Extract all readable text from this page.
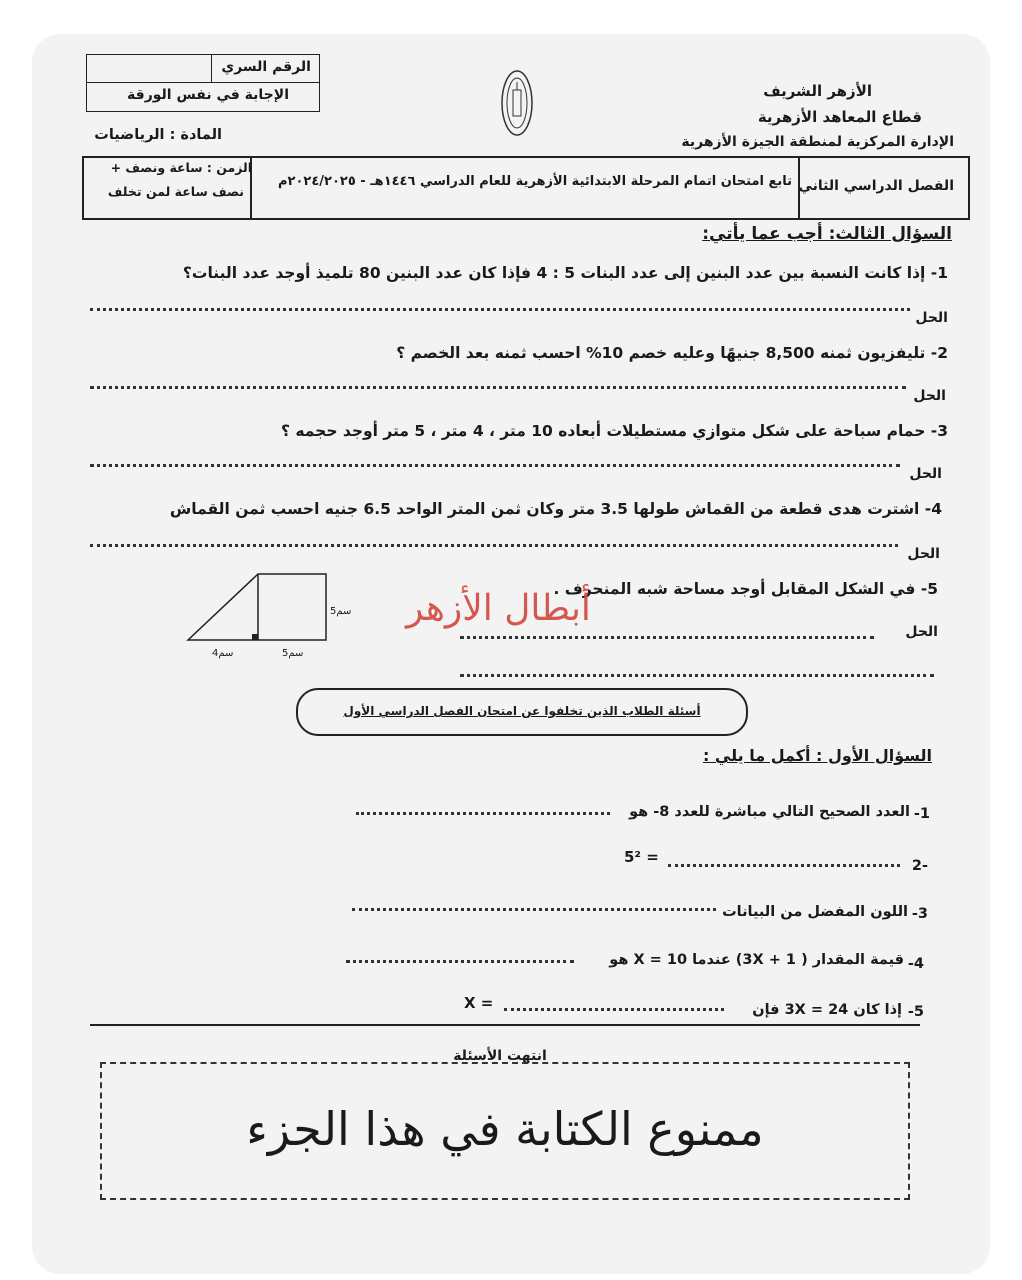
الرقم السري
الإجابة في نفس الورقة	الأزهر الشريف
قطاع المعاهد الأزهرية
الإدارة المركزية لمنطقة الجيزة الأزهرية
المادة : الرياضيات
الفصل الدراسي الثاني
تابع امتحان اتمام المرحلة الابتدائية الأزهرية للعام الدراسي ١٤٤٦هـ - ٢٠٢٤/٢٠٢٥م
الزمن : ساعة ونصف +
نصف ساعة لمن تخلف
السؤال الثالث: أجب عما يأتي:
1- إذا كانت النسبة بين عدد البنين إلى عدد البنات 5 : 4 فإذا كان عدد البنين 80 تلميذ أوجد عدد البنات؟
الحل
2- تليفزيون ثمنه 8,500 جنيهًا وعليه خصم 10% احسب ثمنه بعد الخصم ؟
الحل
3- حمام سباحة على شكل متوازي مستطيلات أبعاده 10 متر ، 4 متر ، 5 متر أوجد حجمه ؟
الحل
4- اشترت هدى قطعة من القماش طولها 3.5 متر وكان ثمن المتر الواحد 6.5 جنيه احسب ثمن القماش
الحل
5- في الشكل المقابل أوجد مساحة شبه المنحرف .
الحل
5سم
5سم
4سم
أبطال الأزهر
أسئلة الطلاب الذين تخلفوا عن امتحان الفصل الدراسي الأول
السؤال الأول : أكمل ما يلي :
1-
العدد الصحيح التالي مباشرة للعدد 8- هو
-2
5² =
3-
اللون المفضل من البيانات
4-
قيمة المقدار ( 3X + 1) عندما X = 10 هو
5-
إذا كان 3X = 24 فإن
X =
انتهت الأسئلة
ممنوع الكتابة في هذا الجزء
